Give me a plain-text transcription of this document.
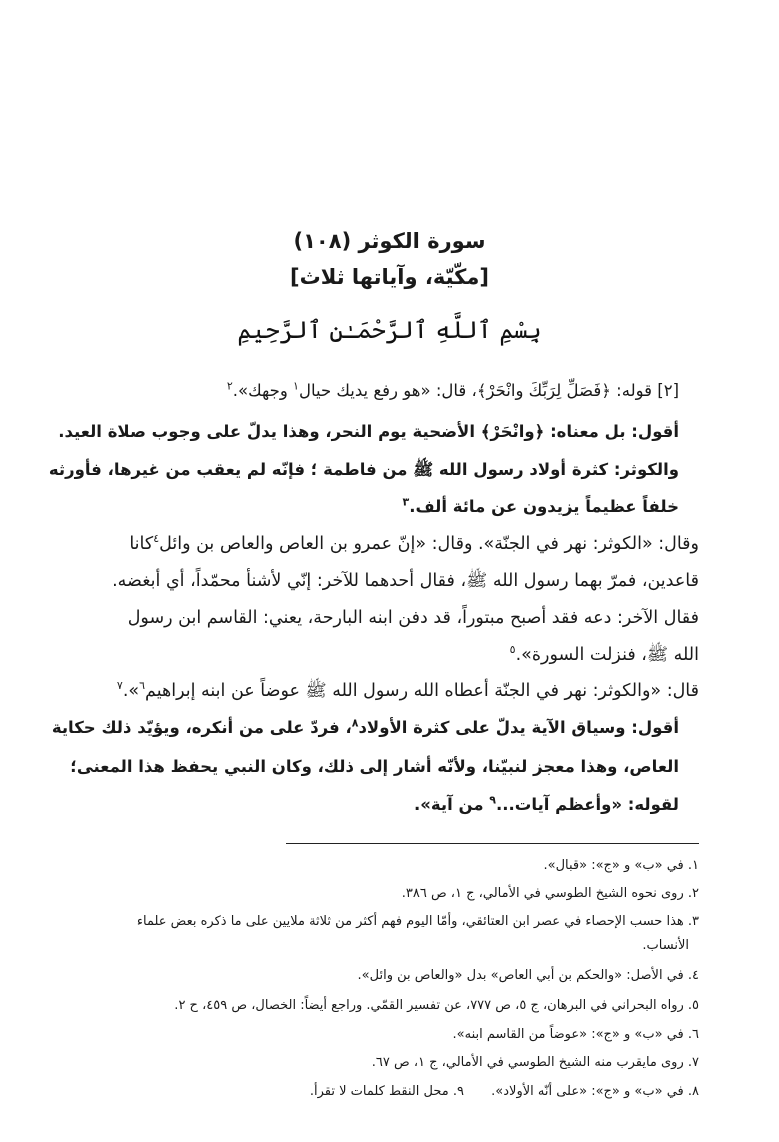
سورة الكوثر (١٠٨)
[مكّيّة، وآياتها ثلاث]
بِسْمِ ٱللَّهِ ٱلرَّحْمَـٰنِ ٱلرَّحِيمِ
[٢] قوله: ﴿فَصَلِّ لِرَبِّكَ وانْحَرْ﴾، قال: «هو رفع يديك حيال$^١$ وجهك».$^٢$
أقول: بل معناه: ﴿وانْحَرْ﴾ الأضحية يوم النحر، وهذا يدلّ على وجوب صلاة العيد.
والكوثر: كثرة أولاد رسول الله ﷺ من فاطمة ؛ فإنّه لم يعقب من غيرها، فأورثه
خلفاً عظيماً يزيدون عن مائة ألف.$^٣$
وقال: «الكوثر: نهر في الجنّة». وقال: «إنّ عمرو بن العاص والعاص بن وائل$^٤$كانا
قاعدين، فمرّ بهما رسول الله ﷺ، فقال أحدهما للآخر: إنّي لأشنأ محمّداً، أي أبغضه.
فقال الآخر: دعه فقد أصبح مبتوراً، قد دفن ابنه البارحة، يعني: القاسم ابن رسول
الله ﷺ، فنزلت السورة».$^٥$
قال: «والكوثر: نهر في الجنّة أعطاه الله رسول الله ﷺ عوضاً عن ابنه إبراهيم$^٦$».$^٧$
أقول: وسياق الآية يدلّ على كثرة الأولاد$^٨$، فردّ على من أنكره، ويؤيّد ذلك حكاية
العاص، وهذا معجز لنبيّنا، ولأنّه أشار إلى ذلك، وكان النبي يحفظ هذا المعنى؛
لقوله: «وأعظم آيات...$^٩$ من آية».
١. في «ب» و «ج»: «قبال».
٢. روى نحوه الشيخ الطوسي في الأمالي، ج ١، ص ٣٨٦.
٣. هذا حسب الإحصاء في عصر ابن العتائقي، وأمّا اليوم فهم أكثر من ثلاثة ملايين على ما ذكره بعض علماء
الأنساب.
٤. في الأصل: «والحكم بن أبي العاص» بدل «والعاص بن وائل».
٥. رواه البحراني في البرهان، ج ٥، ص ٧٧٧، عن تفسير القمّي. وراجع أيضاً: الخصال، ص ٤٥٩، ح ٢.
٦. في «ب» و «ج»: «عوضاً من القاسم ابنه».
٧. روى مايقرب منه الشيخ الطوسي في الأمالي، ج ١، ص ٦٧.
٨. في «ب» و «ج»: «على أنّه الأولاد».٩. محل النقط كلمات لا تقرأ.
